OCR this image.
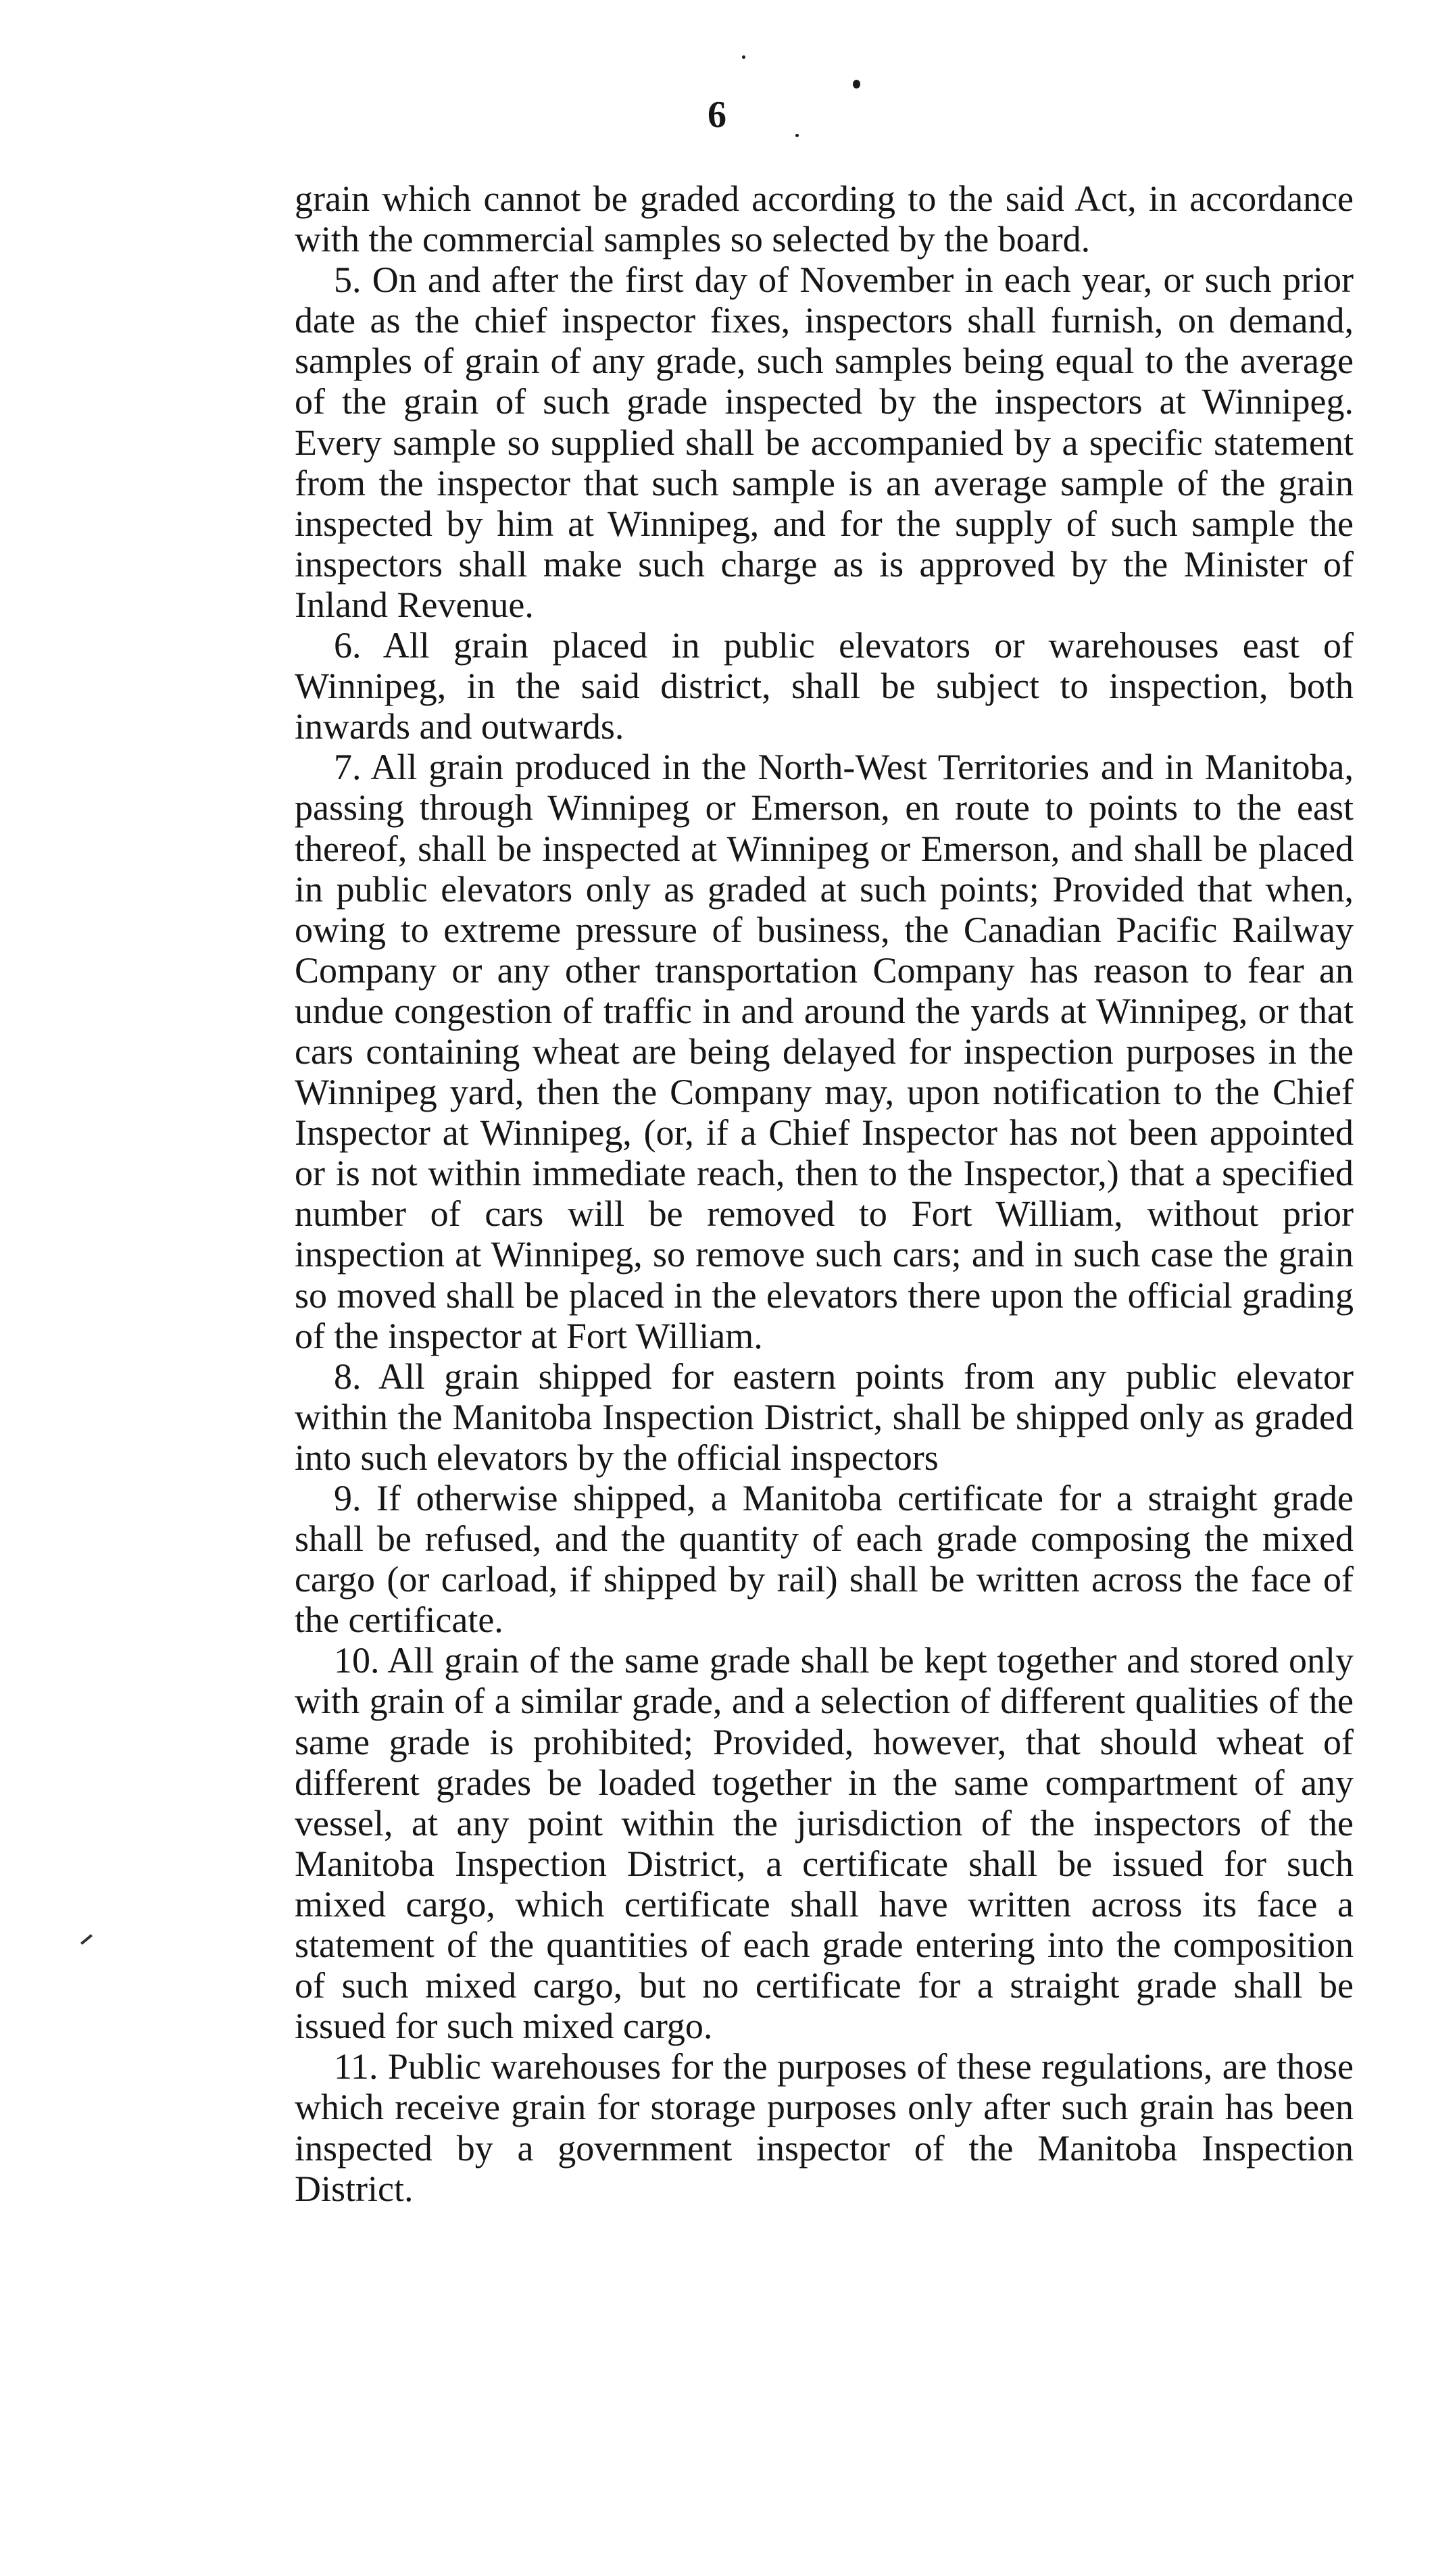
6

grain which cannot be graded according to the said Act, in accordance with the commercial samples so selected by the board.

5. On and after the first day of November in each year, or such prior date as the chief inspector fixes, inspectors shall furnish, on demand, samples of grain of any grade, such samples being equal to the average of the grain of such grade inspected by the inspectors at Winnipeg. Every sample so supplied shall be accompanied by a specific statement from the inspector that such sample is an average sample of the grain inspected by him at Winnipeg, and for the supply of such sample the inspectors shall make such charge as is approved by the Minister of Inland Revenue.

6. All grain placed in public elevators or warehouses east of Winnipeg, in the said district, shall be subject to inspection, both inwards and outwards.

7. All grain produced in the North-West Territories and in Manitoba, passing through Winnipeg or Emerson, en route to points to the east thereof, shall be inspected at Winnipeg or Emerson, and shall be placed in public elevators only as graded at such points; Provided that when, owing to extreme pressure of business, the Canadian Pacific Railway Company or any other transportation Company has reason to fear an undue congestion of traffic in and around the yards at Winnipeg, or that cars containing wheat are being delayed for inspection purposes in the Winnipeg yard, then the Company may, upon notification to the Chief Inspector at Winnipeg, (or, if a Chief Inspector has not been appointed or is not within immediate reach, then to the Inspector,) that a specified number of cars will be removed to Fort William, without prior inspection at Winnipeg, so remove such cars; and in such case the grain so moved shall be placed in the elevators there upon the official grading of the inspector at Fort William.

8. All grain shipped for eastern points from any public elevator within the Manitoba Inspection District, shall be shipped only as graded into such elevators by the official inspectors

9. If otherwise shipped, a Manitoba certificate for a straight grade shall be refused, and the quantity of each grade composing the mixed cargo (or carload, if shipped by rail) shall be written across the face of the certificate.

10. All grain of the same grade shall be kept together and stored only with grain of a similar grade, and a selection of different qualities of the same grade is prohibited; Provided, however, that should wheat of different grades be loaded together in the same compartment of any vessel, at any point within the jurisdiction of the inspectors of the Manitoba Inspection District, a certificate shall be issued for such mixed cargo, which certificate shall have written across its face a statement of the quantities of each grade entering into the composition of such mixed cargo, but no certificate for a straight grade shall be issued for such mixed cargo.

11. Public warehouses for the purposes of these regulations, are those which receive grain for storage purposes only after such grain has been inspected by a government inspector of the Manitoba Inspection District.
